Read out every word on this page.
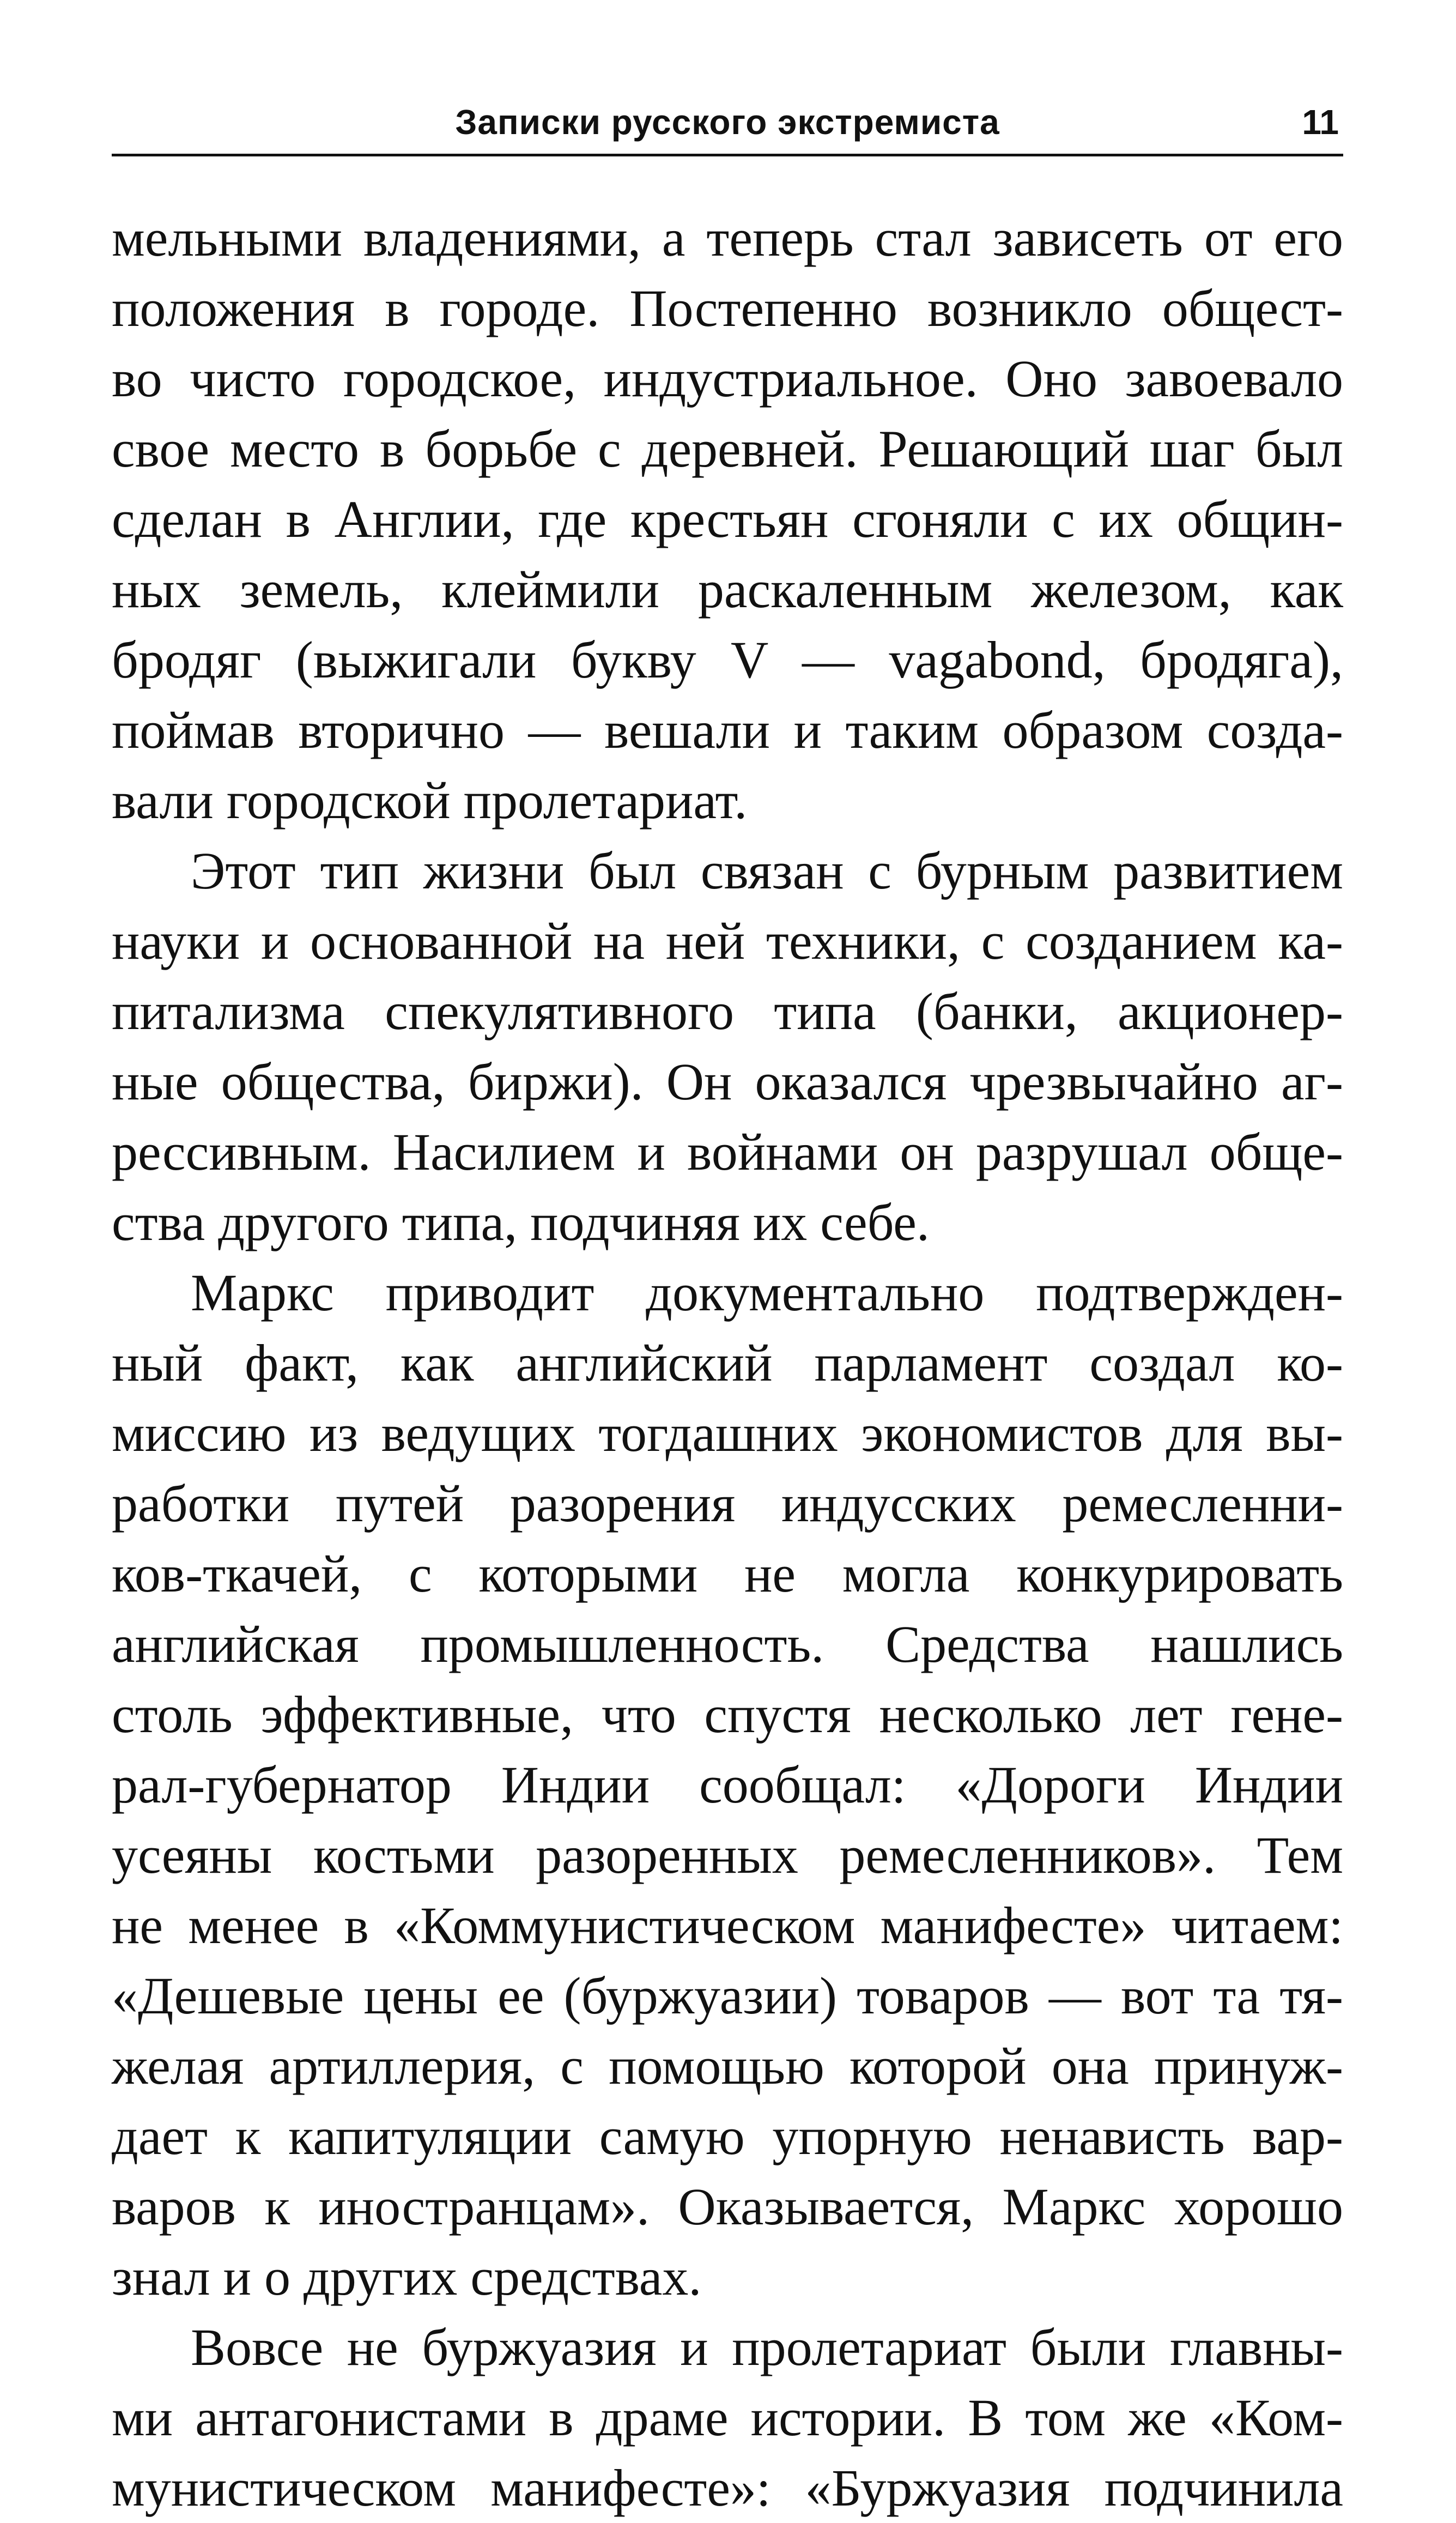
Записки русского экстремиста	11
мельными владениями, а теперь стал зависеть от его
положения в городе. Постепенно возникло общест-
во чисто городское, индустриальное. Оно завоевало
свое место в борьбе с деревней. Решающий шаг был
сделан в Англии, где крестьян сгоняли с их общин-
ных земель, клеймили раскаленным железом, как
бродяг (выжигали букву V — vagabond, бродяга),
поймав вторично — вешали и таким образом созда-
вали городской пролетариат.
Этот тип жизни был связан с бурным развитием
науки и основанной на ней техники, с созданием ка-
питализма спекулятивного типа (банки, акционер-
ные общества, биржи). Он оказался чрезвычайно аг-
рессивным. Насилием и войнами он разрушал обще-
ства другого типа, подчиняя их себе.
Маркс приводит документально подтвержден-
ный факт, как английский парламент создал ко-
миссию из ведущих тогдашних экономистов для вы-
работки путей разорения индусских ремесленни-
ков-ткачей, с которыми не могла конкурировать
английская промышленность. Средства нашлись
столь эффективные, что спустя несколько лет гене-
рал-губернатор Индии сообщал: «Дороги Индии
усеяны костьми разоренных ремесленников». Тем
не менее в «Коммунистическом манифесте» читаем:
«Дешевые цены ее (буржуазии) товаров — вот та тя-
желая артиллерия, с помощью которой она принуж-
дает к капитуляции самую упорную ненависть вар-
варов к иностранцам». Оказывается, Маркс хорошо
знал и о других средствах.
Вовсе не буржуазия и пролетариат были главны-
ми антагонистами в драме истории. В том же «Ком-
мунистическом манифесте»: «Буржуазия подчинила
